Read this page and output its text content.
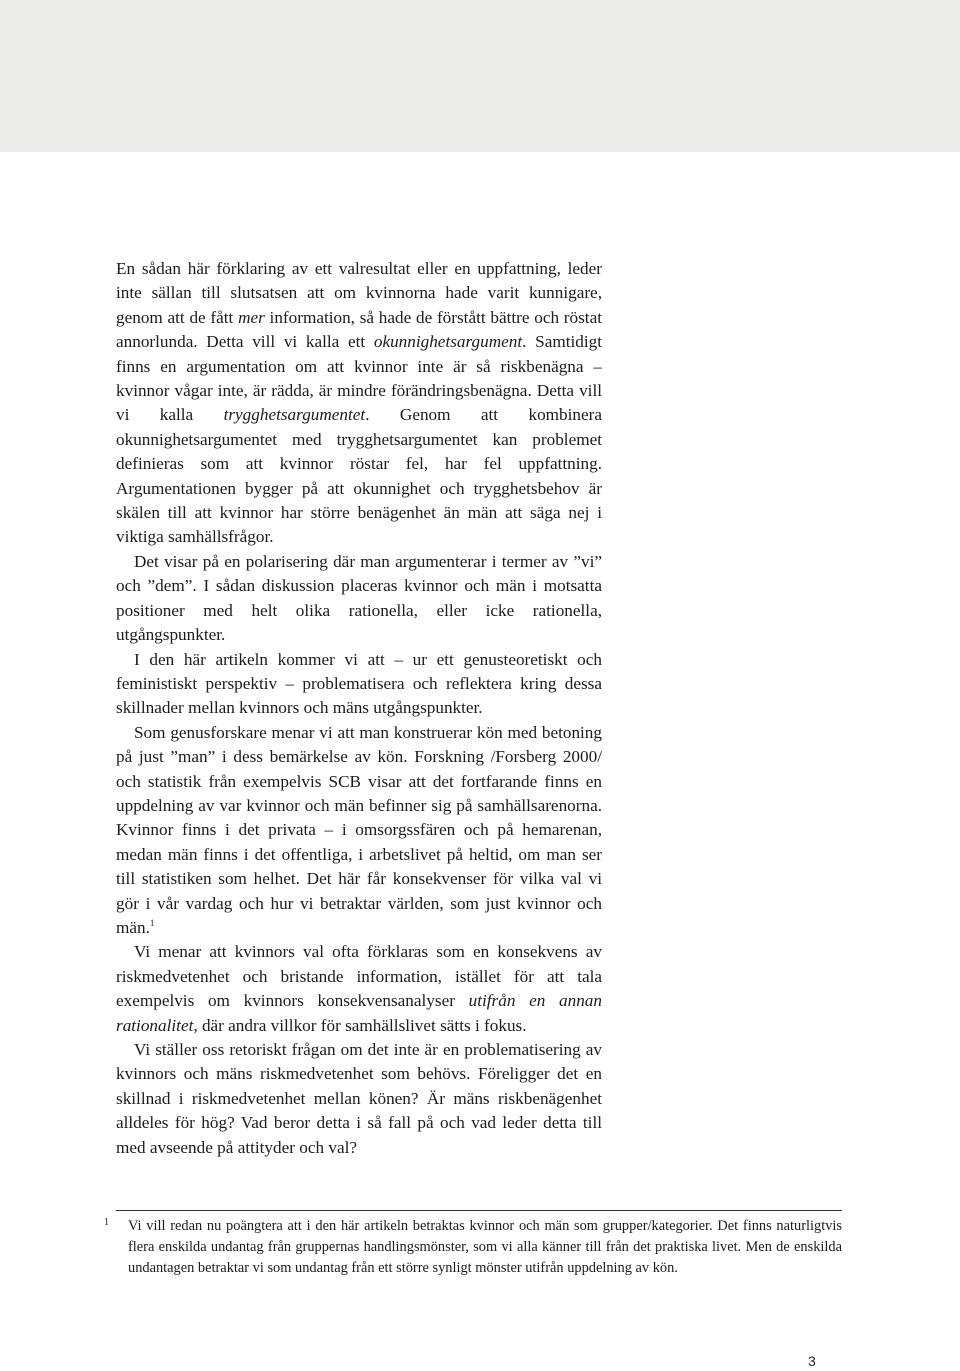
En sådan här förklaring av ett valresultat eller en uppfattning, leder inte sällan till slutsatsen att om kvinnorna hade varit kunnigare, genom att de fått mer information, så hade de förstått bättre och röstat annorlunda. Detta vill vi kalla ett okunnighetsargument. Samtidigt finns en argumentation om att kvinnor inte är så riskbenägna – kvinnor vågar inte, är rädda, är mindre förändringsbenägna. Detta vill vi kalla trygghetsargumentet. Genom att kombinera okunnighetsargumentet med trygghetsargumentet kan problemet definieras som att kvinnor röstar fel, har fel uppfattning. Argumentationen bygger på att okunnighet och trygghetsbehov är skälen till att kvinnor har större benägenhet än män att säga nej i viktiga samhällsfrågor.

Det visar på en polarisering där man argumenterar i termer av ”vi” och ”dem”. I sådan diskussion placeras kvinnor och män i motsatta positioner med helt olika rationella, eller icke rationella, utgångspunkter.

I den här artikeln kommer vi att – ur ett genusteoretiskt och feministiskt perspektiv – problematisera och reflektera kring dessa skillnader mellan kvinnors och mäns utgångspunkter.

Som genusforskare menar vi att man konstruerar kön med betoning på just ”man” i dess bemärkelse av kön. Forskning /Forsberg 2000/ och statistik från exempelvis SCB visar att det fortfarande finns en uppdelning av var kvinnor och män befinner sig på samhällsarenorna. Kvinnor finns i det privata – i omsorgssfären och på hemarenan, medan män finns i det offentliga, i arbetslivet på heltid, om man ser till statistiken som helhet. Det här får konsekvenser för vilka val vi gör i vår vardag och hur vi betraktar världen, som just kvinnor och män.$^1$

Vi menar att kvinnors val ofta förklaras som en konsekvens av riskmedvetenhet och bristande information, istället för att tala exempelvis om kvinnors konsekvensanalyser utifrån en annan rationalitet, där andra villkor för samhällslivet sätts i fokus.

Vi ställer oss retoriskt frågan om det inte är en problematisering av kvinnors och mäns riskmedvetenhet som behövs. Föreligger det en skillnad i riskmedvetenhet mellan könen? Är mäns riskbenägenhet alldeles för hög? Vad beror detta i så fall på och vad leder detta till med avseende på attityder och val?

1 Vi vill redan nu poängtera att i den här artikeln betraktas kvinnor och män som grupper/kategorier. Det finns naturligtvis flera enskilda undantag från gruppernas handlingsmönster, som vi alla känner till från det praktiska livet. Men de enskilda undantagen betraktar vi som undantag från ett större synligt mönster utifrån uppdelning av kön.
3
